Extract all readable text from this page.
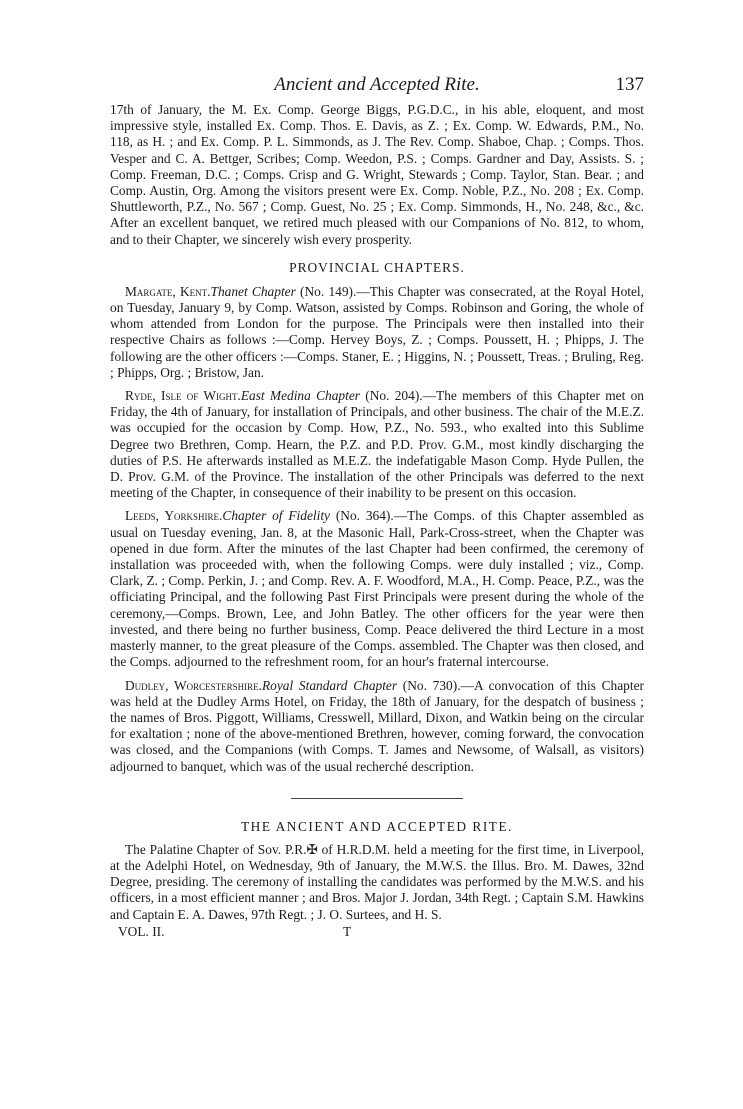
Ancient and Accepted Rite.	137

17th of January, the M. Ex. Comp. George Biggs, P.G.D.C., in his able, eloquent, and most impressive style, installed Ex. Comp. Thos. E. Davis, as Z. ; Ex. Comp. W. Edwards, P.M., No. 118, as H. ; and Ex. Comp. P. L. Simmonds, as J. The Rev. Comp. Shaboe, Chap. ; Comps. Thos. Vesper and C. A. Bettger, Scribes; Comp. Weedon, P.S. ; Comps. Gardner and Day, Assists. S. ; Comp. Freeman, D.C. ; Comps. Crisp and G. Wright, Stewards ; Comp. Taylor, Stan. Bear. ; and Comp. Austin, Org. Among the visitors present were Ex. Comp. Noble, P.Z., No. 208 ; Ex. Comp. Shuttleworth, P.Z., No. 567 ; Comp. Guest, No. 25 ; Ex. Comp. Simmonds, H., No. 248, &c., &c. After an excellent banquet, we retired much pleased with our Companions of No. 812, to whom, and to their Chapter, we sincerely wish every prosperity.

PROVINCIAL CHAPTERS.

Margate, Kent.Thanet Chapter (No. 149).—This Chapter was consecrated, at the Royal Hotel, on Tuesday, January 9, by Comp. Watson, assisted by Comps. Robinson and Goring, the whole of whom attended from London for the purpose. The Principals were then installed into their respective Chairs as follows :—Comp. Hervey Boys, Z. ; Comps. Poussett, H. ; Phipps, J. The following are the other officers :—Comps. Staner, E. ; Higgins, N. ; Poussett, Treas. ; Bruling, Reg. ; Phipps, Org. ; Bristow, Jan.

Ryde, Isle of Wight.East Medina Chapter (No. 204).—The members of this Chapter met on Friday, the 4th of January, for installation of Principals, and other business. The chair of the M.E.Z. was occupied for the occasion by Comp. How, P.Z., No. 593., who exalted into this Sublime Degree two Brethren, Comp. Hearn, the P.Z. and P.D. Prov. G.M., most kindly discharging the duties of P.S. He afterwards installed as M.E.Z. the indefatigable Mason Comp. Hyde Pullen, the D. Prov. G.M. of the Province. The installation of the other Principals was deferred to the next meeting of the Chapter, in consequence of their inability to be present on this occasion.

Leeds, Yorkshire.Chapter of Fidelity (No. 364).—The Comps. of this Chapter assembled as usual on Tuesday evening, Jan. 8, at the Masonic Hall, Park-Cross-street, when the Chapter was opened in due form. After the minutes of the last Chapter had been confirmed, the ceremony of installation was proceeded with, when the following Comps. were duly installed ; viz., Comp. Clark, Z. ; Comp. Perkin, J. ; and Comp. Rev. A. F. Woodford, M.A., H. Comp. Peace, P.Z., was the officiating Principal, and the following Past First Principals were present during the whole of the ceremony,—Comps. Brown, Lee, and John Batley. The other officers for the year were then invested, and there being no further business, Comp. Peace delivered the third Lecture in a most masterly manner, to the great pleasure of the Comps. assembled. The Chapter was then closed, and the Comps. adjourned to the refreshment room, for an hour's fraternal intercourse.

Dudley, Worcestershire.Royal Standard Chapter (No. 730).—A convocation of this Chapter was held at the Dudley Arms Hotel, on Friday, the 18th of January, for the despatch of business ; the names of Bros. Piggott, Williams, Cresswell, Millard, Dixon, and Watkin being on the circular for exaltation ; none of the above-mentioned Brethren, however, coming forward, the convocation was closed, and the Companions (with Comps. T. James and Newsome, of Walsall, as visitors) adjourned to banquet, which was of the usual recherché description.

THE ANCIENT AND ACCEPTED RITE.

The Palatine Chapter of Sov. P.R.✠ of H.R.D.M. held a meeting for the first time, in Liverpool, at the Adelphi Hotel, on Wednesday, 9th of January, the M.W.S. the Illus. Bro. M. Dawes, 32nd Degree, presiding. The ceremony of installing the candidates was performed by the M.W.S. and his officers, in a most efficient manner ; and Bros. Major J. Jordan, 34th Regt. ; Captain S.M. Hawkins and Captain E. A. Dawes, 97th Regt. ; J. O. Surtees, and H. S.

VOL. II.	T
